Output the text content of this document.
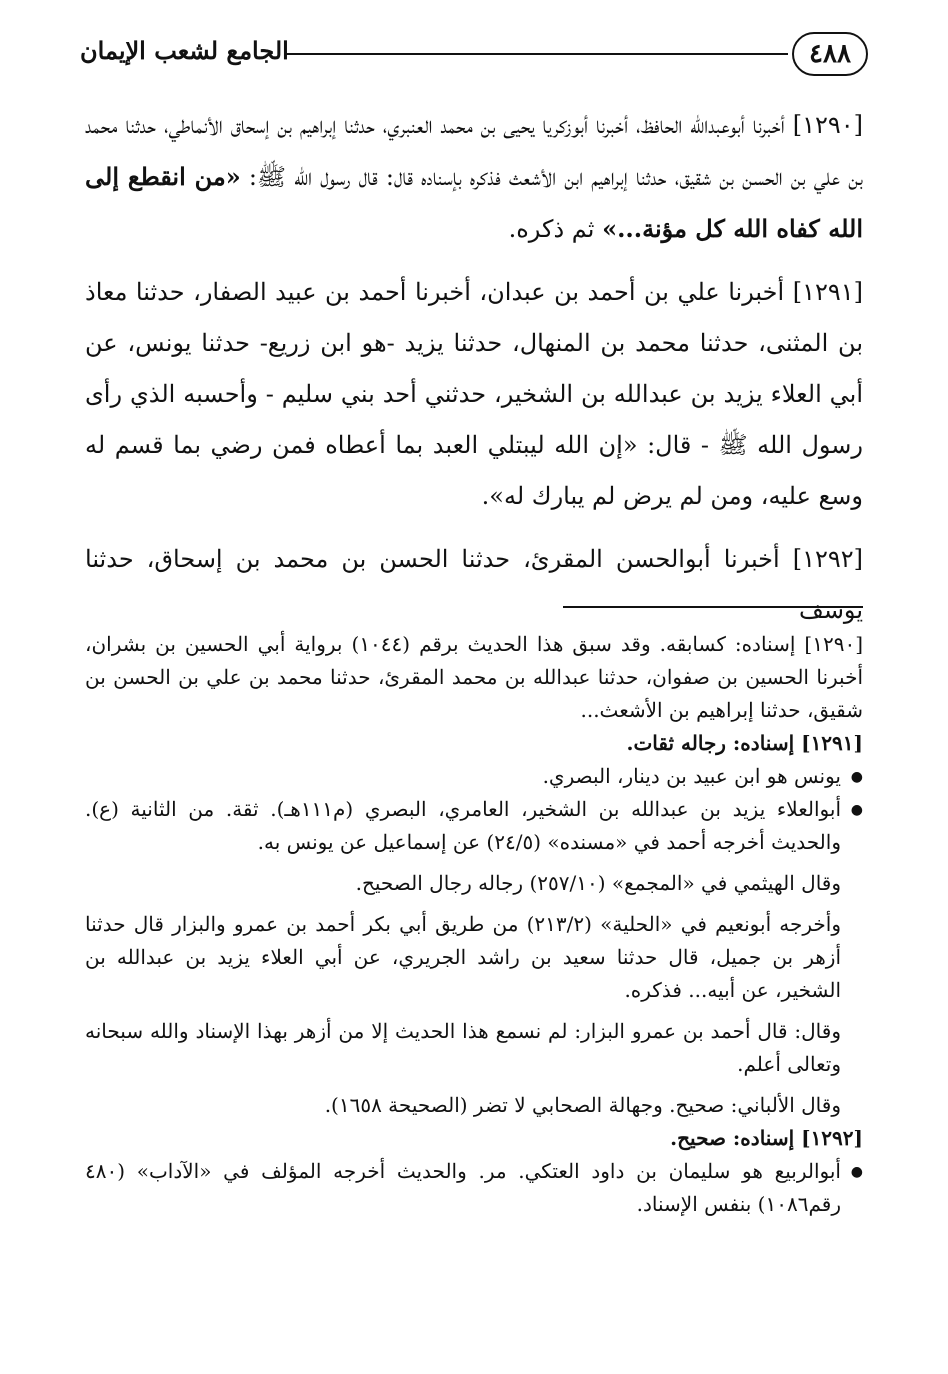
٤٨٨
الجامع لشعب الإيمان

[١٢٩٠] أخبرنا أبوعبدالله الحافظ، أخبرنا أبوزكريا يحيى بن محمد العنبري، حدثنا إبراهيم بن إسحاق الأنماطي، حدثنا محمد بن علي بن الحسن بن شقيق، حدثنا إبراهيم ابن الأشعث فذكره بإسناده قال: قال رسول الله ﷺ: «من انقطع إلى الله كفاه الله كل مؤنة...» ثم ذكره.

[١٢٩١] أخبرنا علي بن أحمد بن عبدان، أخبرنا أحمد بن عبيد الصفار، حدثنا معاذ بن المثنى، حدثنا محمد بن المنهال، حدثنا يزيد -هو ابن زريع- حدثنا يونس، عن أبي العلاء يزيد بن عبدالله بن الشخير، حدثني أحد بني سليم - وأحسبه الذي رأى رسول الله ﷺ - قال: «إن الله ليبتلي العبد بما أعطاه فمن رضي بما قسم له وسع عليه، ومن لم يرض لم يبارك له».

[١٢٩٢] أخبرنا أبوالحسن المقرئ، حدثنا الحسن بن محمد بن إسحاق، حدثنا يوسف

[١٢٩٠] إسناده: كسابقه. وقد سبق هذا الحديث برقم (١٠٤٤) برواية أبي الحسين بن بشران، أخبرنا الحسين بن صفوان، حدثنا عبدالله بن محمد المقرئ، حدثنا محمد بن علي بن الحسن بن شقيق، حدثنا إبراهيم بن الأشعث...

[١٢٩١] إسناده: رجاله ثقات.

● يونس هو ابن عبيد بن دينار، البصري.

● أبوالعلاء يزيد بن عبدالله بن الشخير، العامري، البصري (م١١١هـ). ثقة. من الثانية (ع). والحديث أخرجه أحمد في «مسنده» (٢٤/٥) عن إسماعيل عن يونس به.

وقال الهيثمي في «المجمع» (٢٥٧/١٠) رجاله رجال الصحيح.

وأخرجه أبونعيم في «الحلية» (٢١٣/٢) من طريق أبي بكر أحمد بن عمرو والبزار قال حدثنا أزهر بن جميل، قال حدثنا سعيد بن راشد الجريري، عن أبي العلاء يزيد بن عبدالله بن الشخير، عن أبيه... فذكره.

وقال: قال أحمد بن عمرو البزار: لم نسمع هذا الحديث إلا من أزهر بهذا الإسناد والله سبحانه وتعالى أعلم.

وقال الألباني: صحيح. وجهالة الصحابي لا تضر (الصحيحة ١٦٥٨).

[١٢٩٢] إسناده: صحيح.

● أبوالربيع هو سليمان بن داود العتكي. مر. والحديث أخرجه المؤلف في «الآداب» (٤٨٠ رقم١٠٨٦) بنفس الإسناد.
